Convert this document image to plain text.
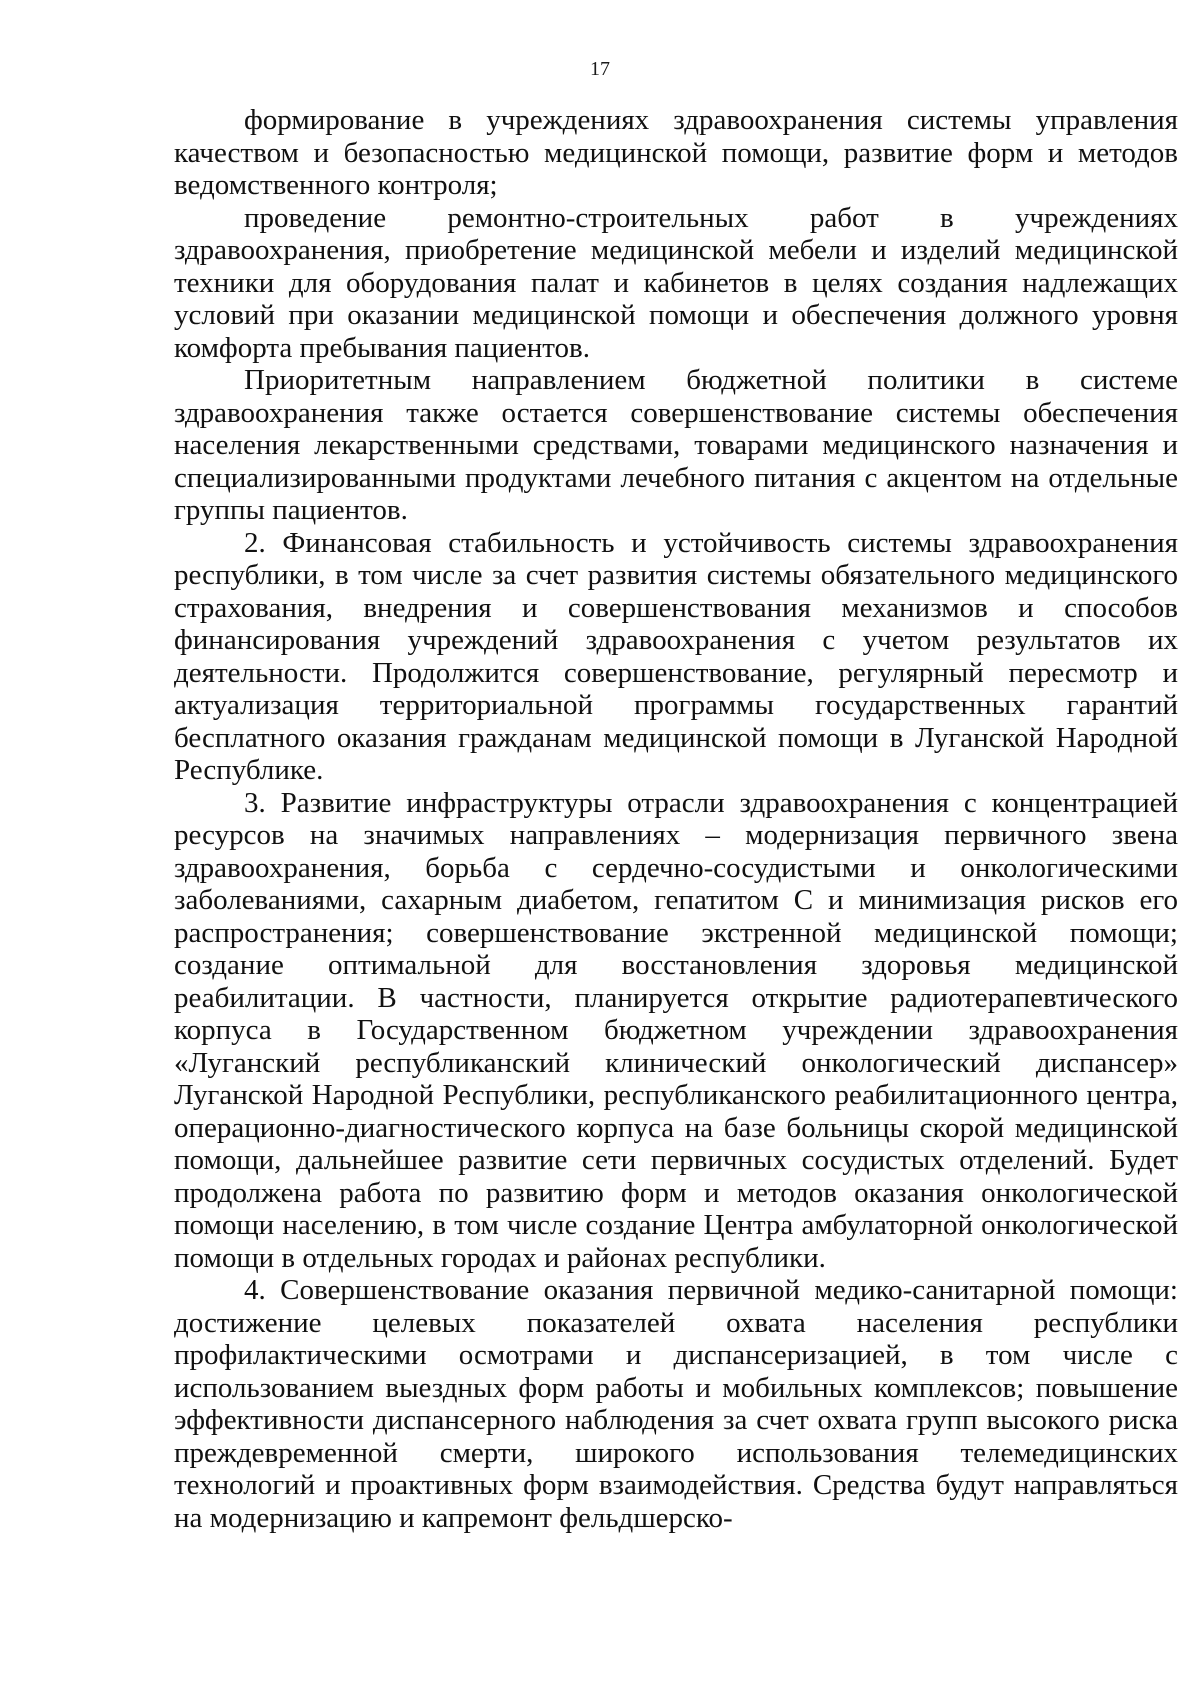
17

формирование в учреждениях здравоохранения системы управления качеством и безопасностью медицинской помощи, развитие форм и методов ведомственного контроля;

проведение ремонтно-строительных работ в учреждениях здравоохранения, приобретение медицинской мебели и изделий медицинской техники для оборудования палат и кабинетов в целях создания надлежащих условий при оказании медицинской помощи и обеспечения должного уровня комфорта пребывания пациентов.

Приоритетным направлением бюджетной политики в системе здравоохранения также остается совершенствование системы обеспечения населения лекарственными средствами, товарами медицинского назначения и специализированными продуктами лечебного питания с акцентом на отдельные группы пациентов.

2. Финансовая стабильность и устойчивость системы здравоохранения республики, в том числе за счет развития системы обязательного медицинского страхования, внедрения и совершенствования механизмов и способов финансирования учреждений здравоохранения с учетом результатов их деятельности. Продолжится совершенствование, регулярный пересмотр и актуализация территориальной программы государственных гарантий бесплатного оказания гражданам медицинской помощи в Луганской Народной Республике.

3. Развитие инфраструктуры отрасли здравоохранения с концентрацией ресурсов на значимых направлениях – модернизация первичного звена здравоохранения, борьба с сердечно-сосудистыми и онкологическими заболеваниями, сахарным диабетом, гепатитом С и минимизация рисков его распространения; совершенствование экстренной медицинской помощи; создание оптимальной для восстановления здоровья медицинской реабилитации. В частности, планируется открытие радиотерапевтического корпуса в Государственном бюджетном учреждении здравоохранения «Луганский республиканский клинический онкологический диспансер» Луганской Народной Республики, республиканского реабилитационного центра, операционно-диагностического корпуса на базе больницы скорой медицинской помощи, дальнейшее развитие сети первичных сосудистых отделений. Будет продолжена работа по развитию форм и методов оказания онкологической помощи населению, в том числе создание Центра амбулаторной онкологической помощи в отдельных городах и районах республики.

4. Совершенствование оказания первичной медико-санитарной помощи: достижение целевых показателей охвата населения республики профилактическими осмотрами и диспансеризацией, в том числе с использованием выездных форм работы и мобильных комплексов; повышение эффективности диспансерного наблюдения за счет охвата групп высокого риска преждевременной смерти, широкого использования телемедицинских технологий и проактивных форм взаимодействия. Средства будут направляться на модернизацию и капремонт фельдшерско-
